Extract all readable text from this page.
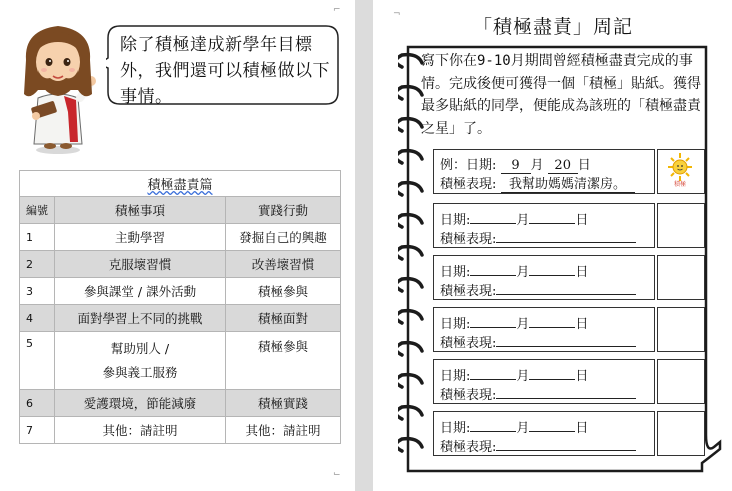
⌐
⌙
除了積極達成新學年目標外，我們還可以積極做以下事情。
積極盡責篇		
編號	積極事項	實踐行動
1	主動學習	發掘自己的興趣
2	克服壞習慣	改善壞習慣
3	參與課堂 / 課外活動	積極參與
4	面對學習上不同的挑戰	積極面對
5	幫助別人 /
參與義工服務	積極參與
6	愛護環境，節能減廢	積極實踐
7	其他：請註明	其他：請註明
¬
「積極盡責」周記
寫下你在9-10月期間曾經積極盡責完成的事情。完成後便可獲得一個「積極」貼紙。獲得最多貼紙的同學，便能成為該班的「積極盡責之星」了。
例：日期: 9 月 20 日
積極表現: 我幫助媽媽清潔房。	積極
日期:	月	日
積極表現:
日期:	月	日
積極表現:
日期:	月	日
積極表現:
日期:	月	日
積極表現:
日期:	月	日
積極表現:
